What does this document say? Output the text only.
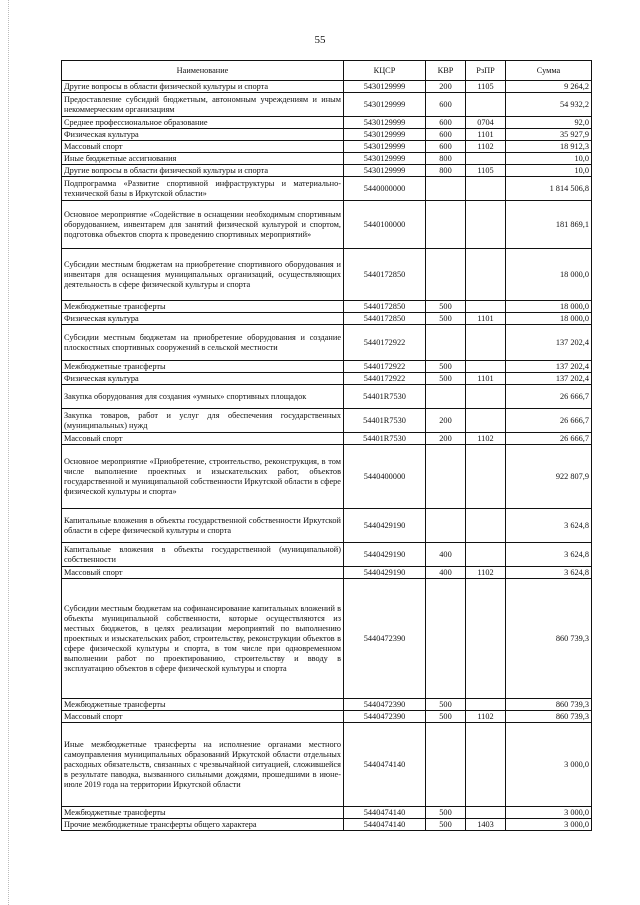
55
Наименование	КЦСР	КВР	РзПР	Сумма
Другие вопросы в области физической культуры и спорта	5430129999	200	1105	9 264,2
Предоставление субсидий бюджетным, автономным учреждениям и иным некоммерческим организациям	5430129999	600		54 932,2
Среднее профессиональное образование	5430129999	600	0704	92,0
Физическая культура	5430129999	600	1101	35 927,9
Массовый спорт	5430129999	600	1102	18 912,3
Иные бюджетные ассигнования	5430129999	800		10,0
Другие вопросы в области физической культуры и спорта	5430129999	800	1105	10,0
Подпрограмма «Развитие спортивной инфраструктуры и материально- технической базы в Иркутской области»	5440000000			1 814 506,8
Основное мероприятие «Содействие в оснащении необходимым спортивным оборудованием, инвентарем для занятий физической культурой и спортом, подготовка объектов спорта к проведению спортивных мероприятий»	5440100000			181 869,1
Субсидии местным бюджетам на приобретение спортивного оборудования и инвентаря для оснащения муниципальных организаций, осуществляющих деятельность в сфере физической культуры и спорта	5440172850			18 000,0
Межбюджетные трансферты	5440172850	500		18 000,0
Физическая культура	5440172850	500	1101	18 000,0
Субсидии местным бюджетам на приобретение оборудования и создание плоскостных спортивных сооружений в сельской местности	5440172922			137 202,4
Межбюджетные трансферты	5440172922	500		137 202,4
Физическая культура	5440172922	500	1101	137 202,4
Закупка оборудования для создания «умных» спортивных площадок	54401R7530			26 666,7
Закупка товаров, работ и услуг для обеспечения государственных (муниципальных) нужд	54401R7530	200		26 666,7
Массовый спорт	54401R7530	200	1102	26 666,7
Основное мероприятие «Приобретение, строительство, реконструкция, в том числе выполнение проектных и изыскательских работ, объектов государственной и муниципальной собственности Иркутской области в сфере физической культуры и спорта»	5440400000			922 807,9
Капитальные вложения в объекты государственной собственности Иркутской области в сфере физической культуры и спорта	5440429190			3 624,8
Капитальные вложения в объекты государственной (муниципальной) собственности	5440429190	400		3 624,8
Массовый спорт	5440429190	400	1102	3 624,8
Субсидии местным бюджетам на софинансирование капитальных вложений в объекты муниципальной собственности, которые осуществляются из местных бюджетов, в целях реализации мероприятий по выполнению проектных и изыскательских работ, строительству, реконструкции объектов в сфере физической культуры и спорта, в том числе при одновременном выполнении работ по проектированию, строительству и вводу в эксплуатацию объектов в сфере физической культуры и спорта	5440472390			860 739,3
Межбюджетные трансферты	5440472390	500		860 739,3
Массовый спорт	5440472390	500	1102	860 739,3
Иные межбюджетные трансферты на исполнение органами местного самоуправления муниципальных образований Иркутской области отдельных расходных обязательств, связанных с чрезвычайной ситуацией, сложившейся в результате паводка, вызванного сильными дождями, прошедшими в июне-июле 2019 года на территории Иркутской области	5440474140			3 000,0
Межбюджетные трансферты	5440474140	500		3 000,0
Прочие межбюджетные трансферты общего характера	5440474140	500	1403	3 000,0
